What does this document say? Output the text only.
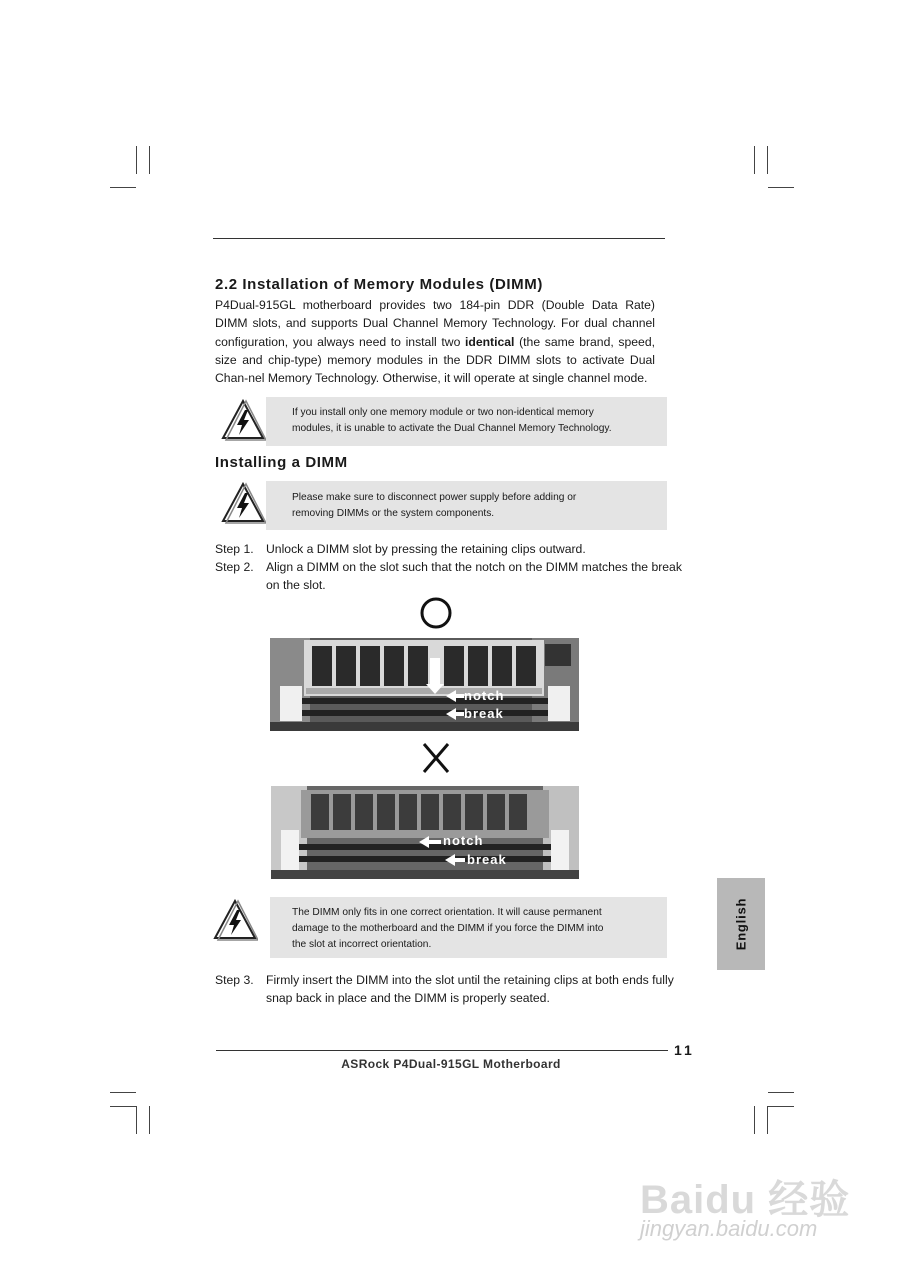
2.2 Installation of Memory Modules (DIMM)
P4Dual-915GL motherboard provides two 184-pin DDR (Double Data Rate) DIMM slots, and supports Dual Channel Memory Technology. For dual channel configuration, you always need to install two identical (the same brand, speed, size and chip-type) memory modules in the DDR DIMM slots to activate Dual Chan-nel Memory Technology. Otherwise, it will operate at single channel mode.
If you install only one memory module or two non-identical memory
modules, it is unable to activate the Dual Channel Memory Technology.
Installing a DIMM
Please make sure to disconnect power supply before adding or
removing DIMMs or the system components.
Step 1. Unlock a DIMM slot by pressing the retaining clips outward.
Step 2. Align a DIMM on the slot such that the notch on the DIMM matches the break
on the slot.
notch
break
notch
break
The DIMM only fits in one correct orientation. It will cause permanent
damage to the motherboard and the DIMM if you force the DIMM into
the slot at incorrect orientation.
Step 3. Firmly insert the DIMM into the slot until the retaining clips at both ends fully
snap back in place and the DIMM is properly seated.
English
11
ASRock P4Dual-915GL Motherboard
Baidu 经验
jingyan.baidu.com
